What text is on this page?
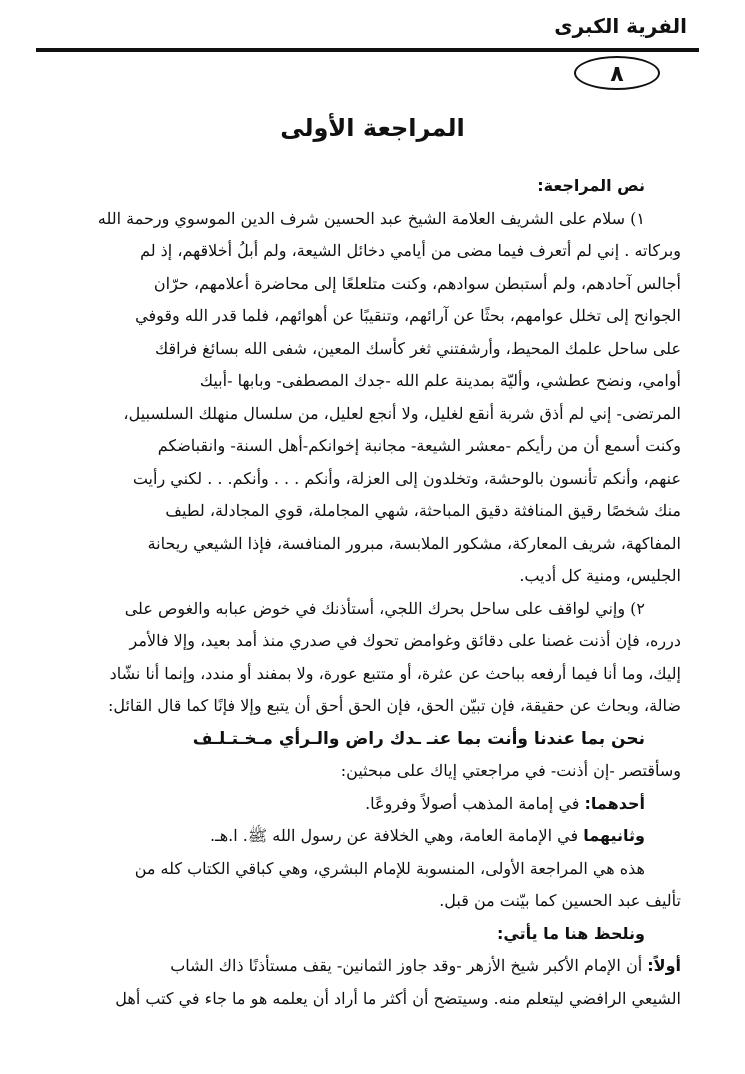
الفرية الكبرى
٨
المراجعة الأولى
نص المراجعة:
١) سلام على الشريف العلامة الشيخ عبد الحسين شرف الدين الموسوي ورحمة الله
وبركاته . إني لم أتعرف فيما مضى من أيامي دخائل الشيعة، ولم أبلُ أخلاقهم، إذ لم
أجالس آحادهم، ولم أستبطن سوادهم، وكنت متلعلعًا إلى محاضرة أعلامهم، حرّان
الجوانح إلى تخلل عوامهم، بحثًا عن آرائهم، وتنقيبًا عن أهوائهم، فلما قدر الله وقوفي
على ساحل علمك المحيط، وأرشفتني ثغر كأسك المعين، شفى الله بسائغ فراقك
أوامي، ونضح عطشي، وأليّة بمدينة علم الله -جدك المصطفى- وبابها -أبيك
المرتضى- إني لم أذق شربة أنقع لغليل، ولا أنجع لعليل، من سلسال منهلك السلسبيل،
وكنت أسمع أن من رأيكم -معشر الشيعة- مجانبة إخوانكم-أهل السنة- وانقباضكم
عنهم، وأنكم تأنسون بالوحشة، وتخلدون إلى العزلة، وأنكم . . . وأنكم. . . لكني رأيت
منك شخصًا رقيق المنافثة دقيق المباحثة، شهي المجاملة، قوي المجادلة، لطيف
المفاكهة، شريف المعاركة، مشكور الملابسة، مبرور المنافسة، فإذا الشيعي ريحانة
الجليس، ومنية كل أديب.
٢) وإني لواقف على ساحل بحرك اللجي، أستأذنك في خوض عبابه والغوص على
درره، فإن أذنت غصنا على دقائق وغوامض تحوك في صدري منذ أمد بعيد، وإلا فالأمر
إليك، وما أنا فيما أرفعه بباحث عن عثرة، أو متتبع عورة، ولا بمفند أو مندد، وإنما أنا نشّاد
ضالة، وبحاث عن حقيقة، فإن تبيّن الحق، فإن الحق أحق أن يتبع وإلا فإنًا كما قال القائل:
نحن بما عندنا وأنت بما عنـ ـدك راض والـرأي مـخـتـلـف
وسأقتصر -إن أذنت- في مراجعتي إياك على مبحثين:
أحدهما: في إمامة المذهب أصولاً وفروعًا.
وثانيهما في الإمامة العامة، وهي الخلافة عن رسول الله ﷺ. ا.هـ.
هذه هي المراجعة الأولى، المنسوبة للإمام البشري، وهي كباقي الكتاب كله من
تأليف عبد الحسين كما بيّنت من قبل.
ونلحظ هنا ما يأتي:
أولاً: أن الإمام الأكبر شيخ الأزهر -وقد جاوز الثمانين- يقف مستأذنًا ذاك الشاب
الشيعي الرافضي ليتعلم منه. وسيتضح أن أكثر ما أراد أن يعلمه هو ما جاء في كتب أهل
